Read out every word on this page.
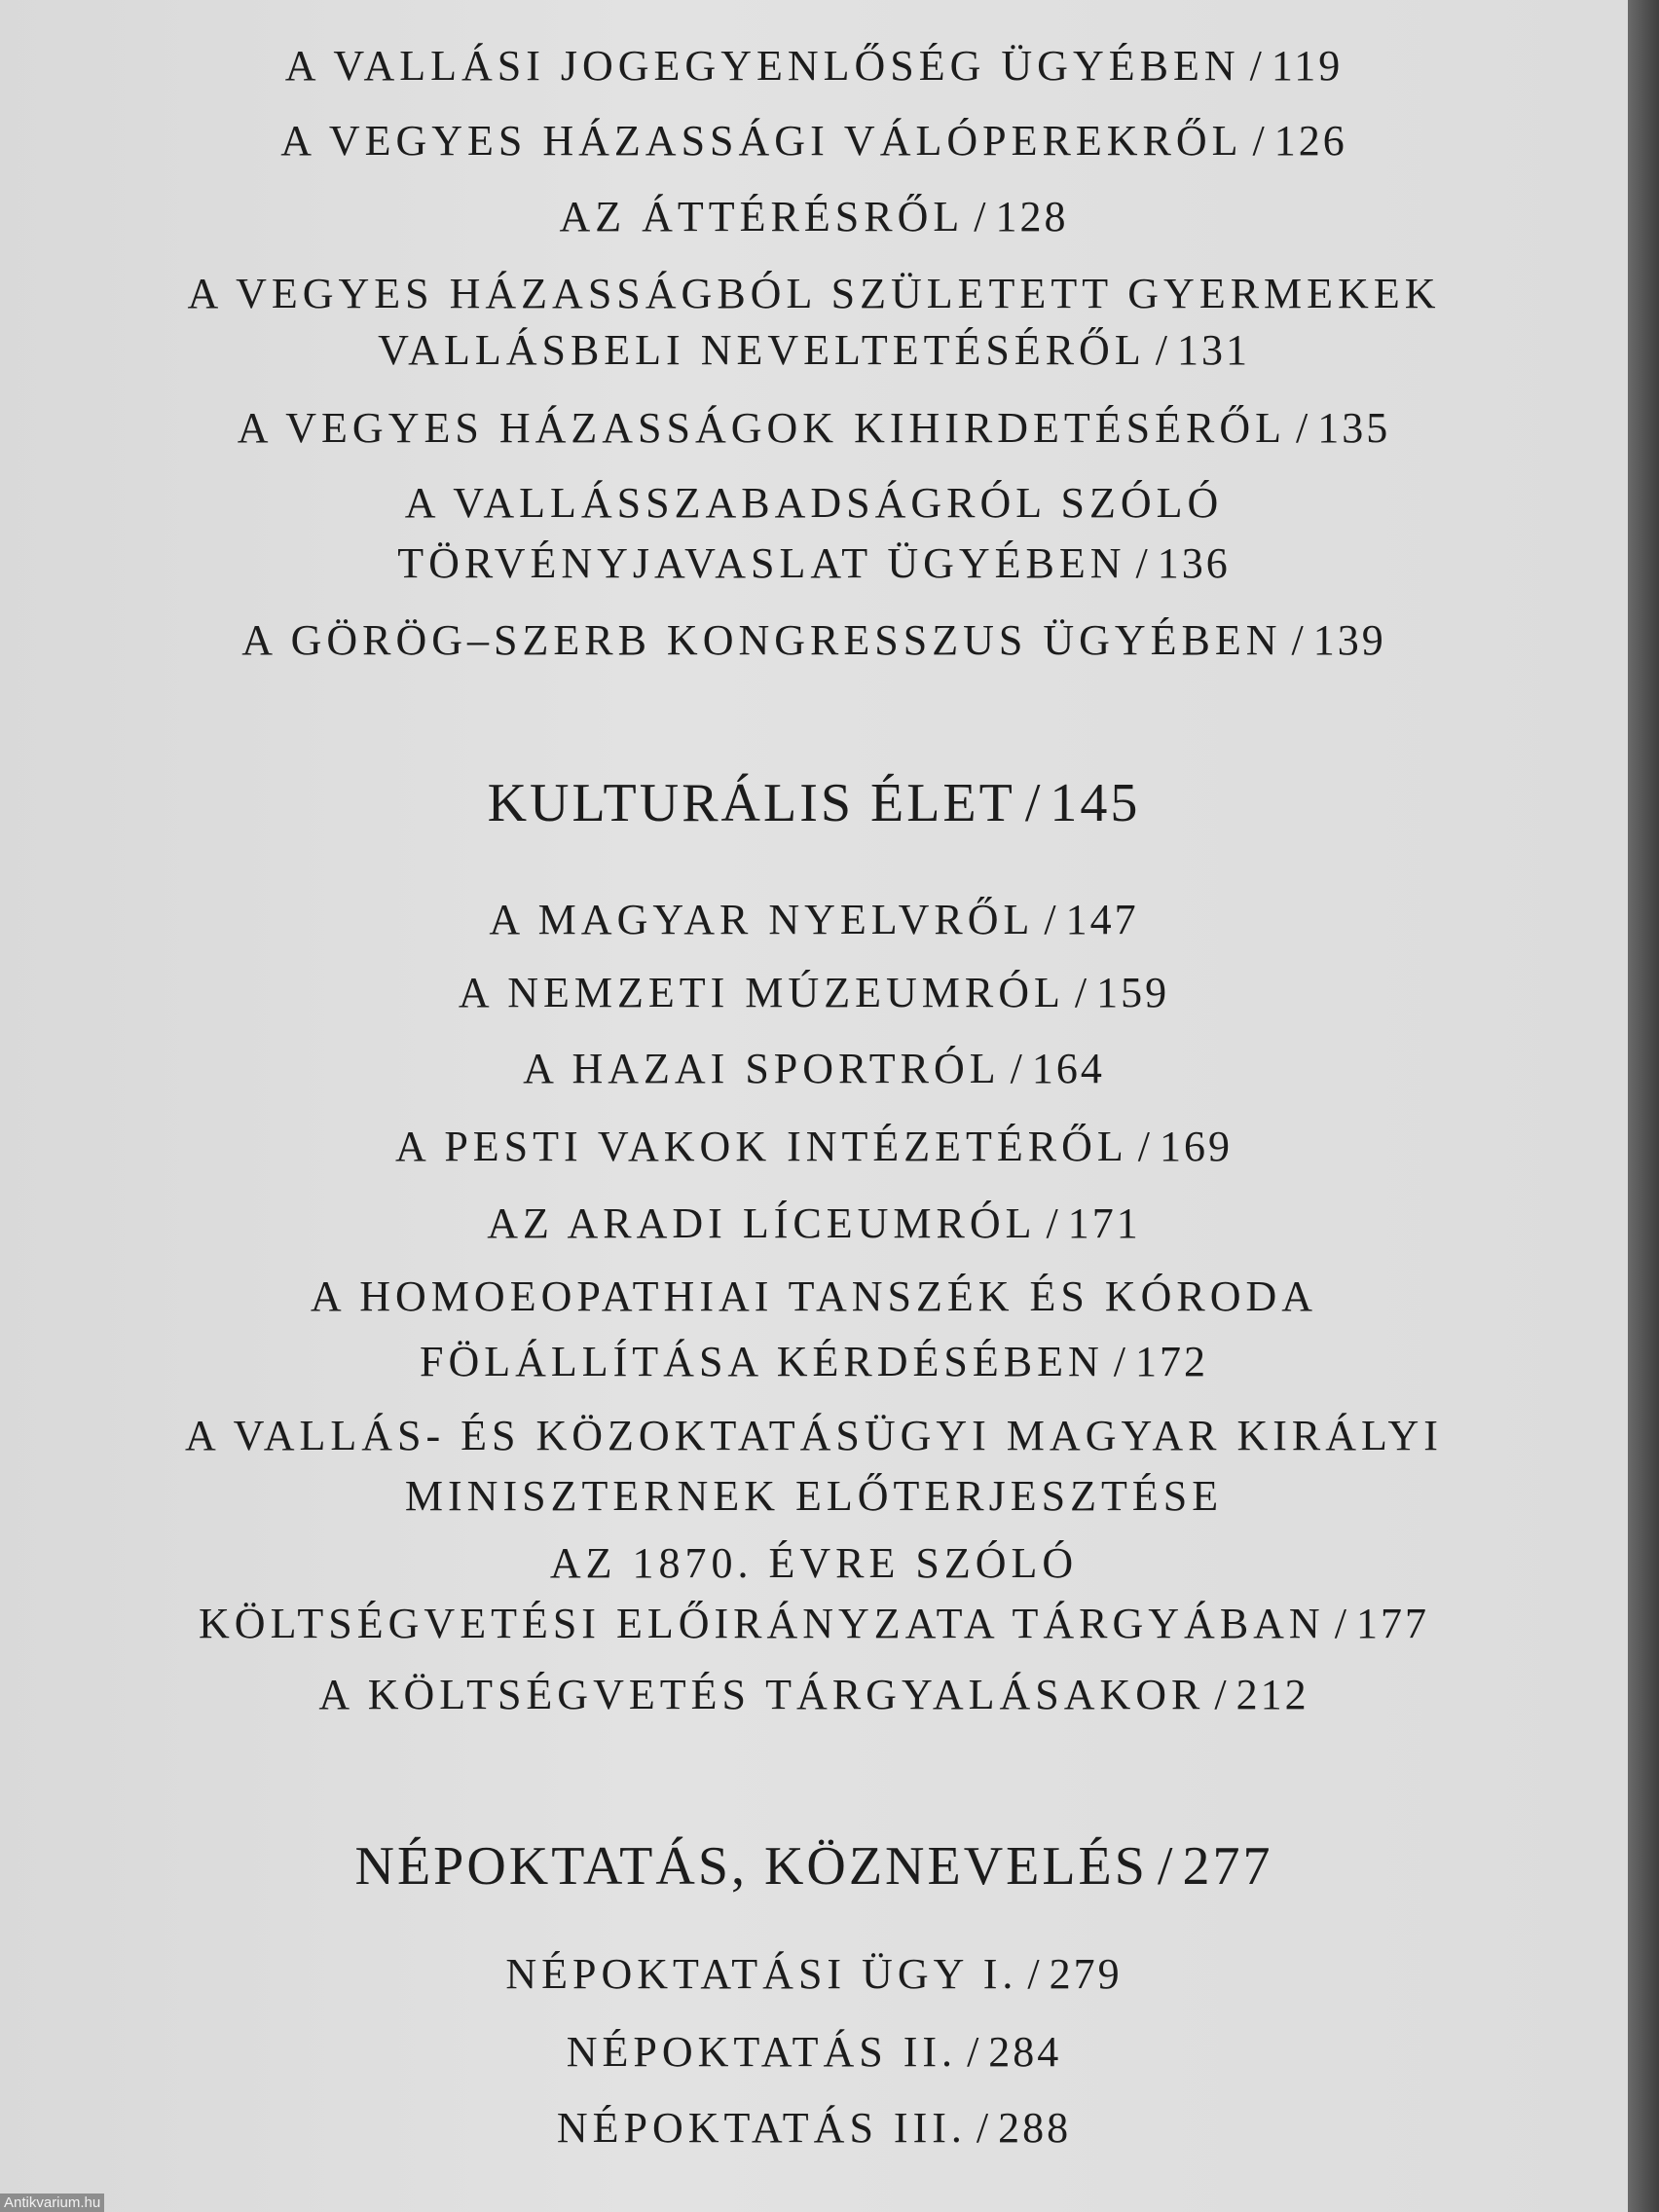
A VALLÁSI JOGEGYENLŐSÉG ÜGYÉBEN / 119
A VEGYES HÁZASSÁGI VÁLÓPEREKRŐL / 126
AZ ÁTTÉRÉSRŐL / 128
A VEGYES HÁZASSÁGBÓL SZÜLETETT GYERMEKEK
VALLÁSBELI NEVELTETÉSÉRŐL / 131
A VEGYES HÁZASSÁGOK KIHIRDETÉSÉRŐL / 135
A VALLÁSSZABADSÁGRÓL SZÓLÓ
TÖRVÉNYJAVASLAT ÜGYÉBEN / 136
A GÖRÖG–SZERB KONGRESSZUS ÜGYÉBEN / 139
KULTURÁLIS ÉLET / 145
A MAGYAR NYELVRŐL / 147
A NEMZETI MÚZEUMRÓL / 159
A HAZAI SPORTRÓL / 164
A PESTI VAKOK INTÉZETÉRŐL / 169
AZ ARADI LÍCEUMRÓL / 171
A HOMOEOPATHIAI TANSZÉK ÉS KÓRODA
FÖLÁLLÍTÁSA KÉRDÉSÉBEN / 172
A VALLÁS- ÉS KÖZOKTATÁSÜGYI MAGYAR KIRÁLYI
MINISZTERNEK ELŐTERJESZTÉSE
AZ 1870. ÉVRE SZÓLÓ
KÖLTSÉGVETÉSI ELŐIRÁNYZATA TÁRGYÁBAN / 177
A KÖLTSÉGVETÉS TÁRGYALÁSAKOR / 212
NÉPOKTATÁS, KÖZNEVELÉS / 277
NÉPOKTATÁSI ÜGY I. / 279
NÉPOKTATÁS II. / 284
NÉPOKTATÁS III. / 288
Antikvarium.hu
